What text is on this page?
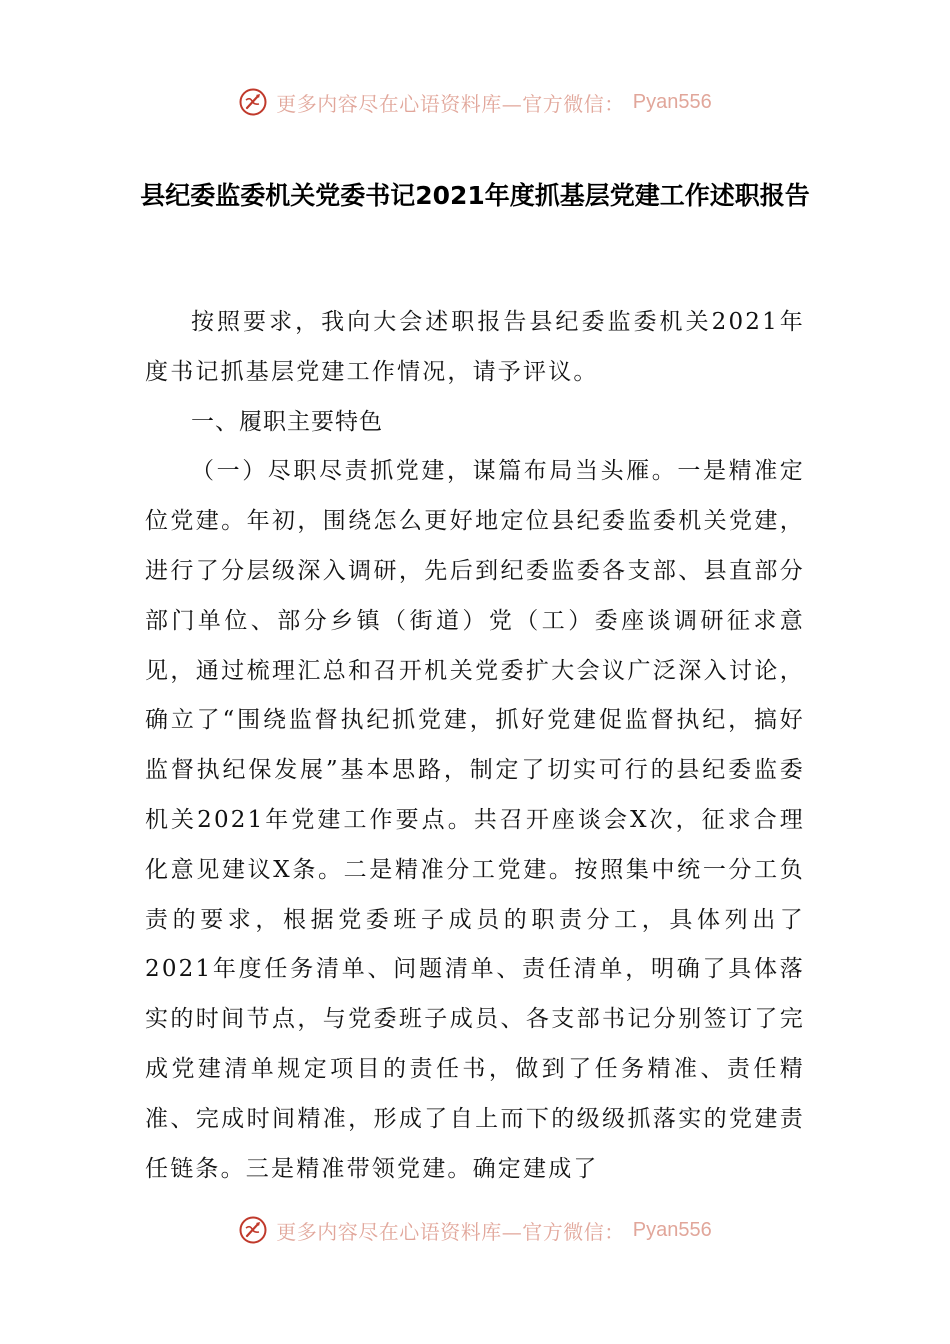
更多内容尽在心语资料库—官方微信： Pyan556
县纪委监委机关党委书记2021年度抓基层党建工作述职报告

按照要求，我向大会述职报告县纪委监委机关2021年度书记抓基层党建工作情况，请予评议。

一、履职主要特色

（一）尽职尽责抓党建，谋篇布局当头雁。一是精准定位党建。年初，围绕怎么更好地定位县纪委监委机关党建，进行了分层级深入调研，先后到纪委监委各支部、县直部分部门单位、部分乡镇（街道）党（工）委座谈调研征求意见，通过梳理汇总和召开机关党委扩大会议广泛深入讨论，确立了“围绕监督执纪抓党建，抓好党建促监督执纪，搞好监督执纪保发展”基本思路，制定了切实可行的县纪委监委机关2021年党建工作要点。共召开座谈会X次，征求合理化意见建议X条。二是精准分工党建。按照集中统一分工负责的要求，根据党委班子成员的职责分工，具体列出了2021年度任务清单、问题清单、责任清单，明确了具体落实的时间节点，与党委班子成员、各支部书记分别签订了完成党建清单规定项目的责任书，做到了任务精准、责任精准、完成时间精准，形成了自上而下的级级抓落实的党建责任链条。三是精准带领党建。确定建成了

更多内容尽在心语资料库—官方微信： Pyan556
